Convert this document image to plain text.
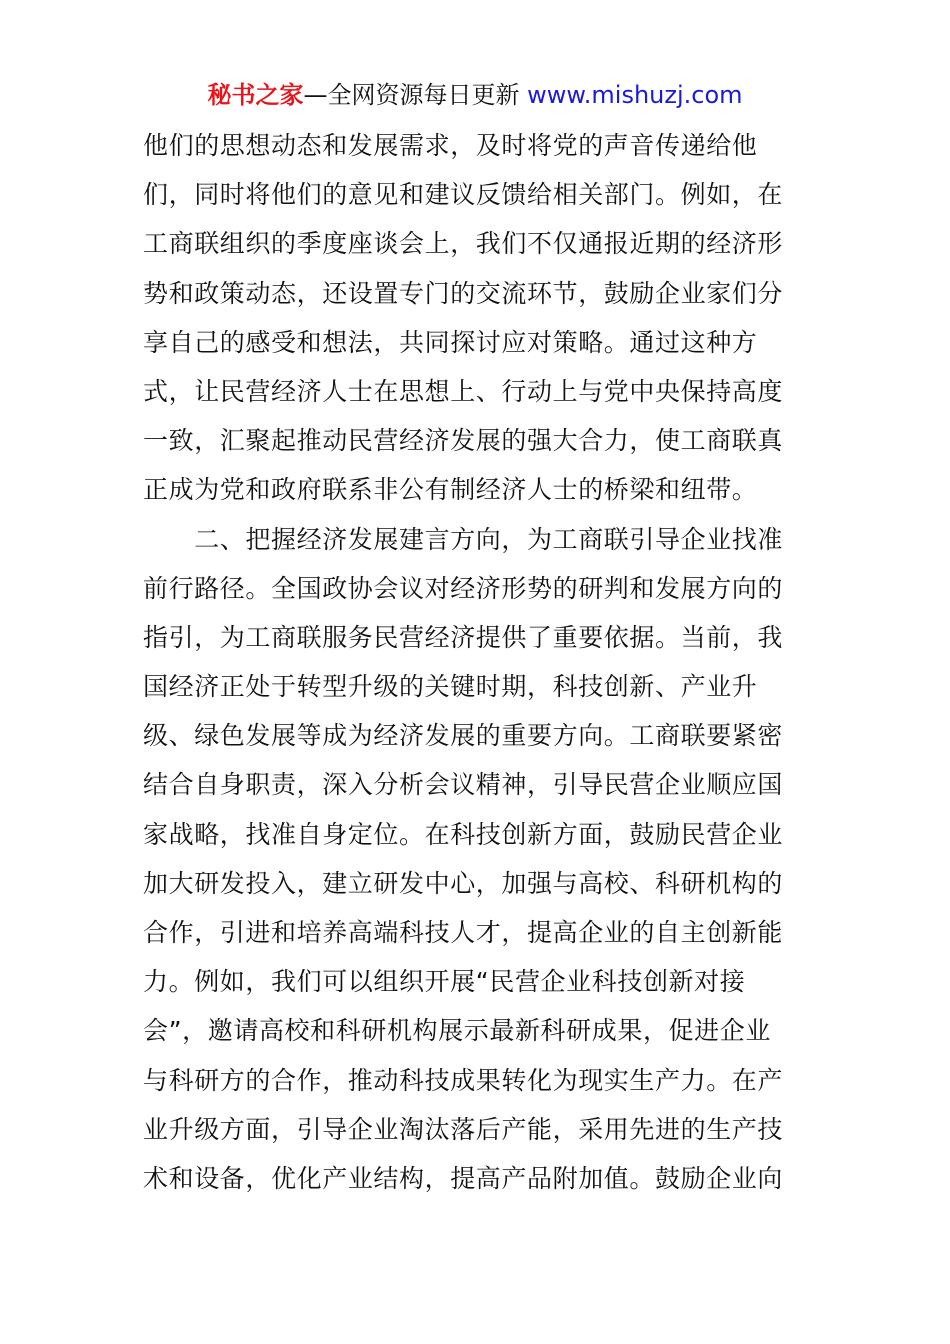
秘书之家—全网资源每日更新 www.mishuzj.com
他们的思想动态和发展需求，及时将党的声音传递给他
们，同时将他们的意见和建议反馈给相关部门。例如，在
工商联组织的季度座谈会上，我们不仅通报近期的经济形
势和政策动态，还设置专门的交流环节，鼓励企业家们分
享自己的感受和想法，共同探讨应对策略。通过这种方
式，让民营经济人士在思想上、行动上与党中央保持高度
一致，汇聚起推动民营经济发展的强大合力，使工商联真
正成为党和政府联系非公有制经济人士的桥梁和纽带。
　　二、把握经济发展建言方向，为工商联引导企业找准
前行路径。全国政协会议对经济形势的研判和发展方向的
指引，为工商联服务民营经济提供了重要依据。当前，我
国经济正处于转型升级的关键时期，科技创新、产业升
级、绿色发展等成为经济发展的重要方向。工商联要紧密
结合自身职责，深入分析会议精神，引导民营企业顺应国
家战略，找准自身定位。在科技创新方面，鼓励民营企业
加大研发投入，建立研发中心，加强与高校、科研机构的
合作，引进和培养高端科技人才，提高企业的自主创新能
力。例如，我们可以组织开展“民营企业科技创新对接
会”，邀请高校和科研机构展示最新科研成果，促进企业
与科研方的合作，推动科技成果转化为现实生产力。在产
业升级方面，引导企业淘汰落后产能，采用先进的生产技
术和设备，优化产业结构，提高产品附加值。鼓励企业向
